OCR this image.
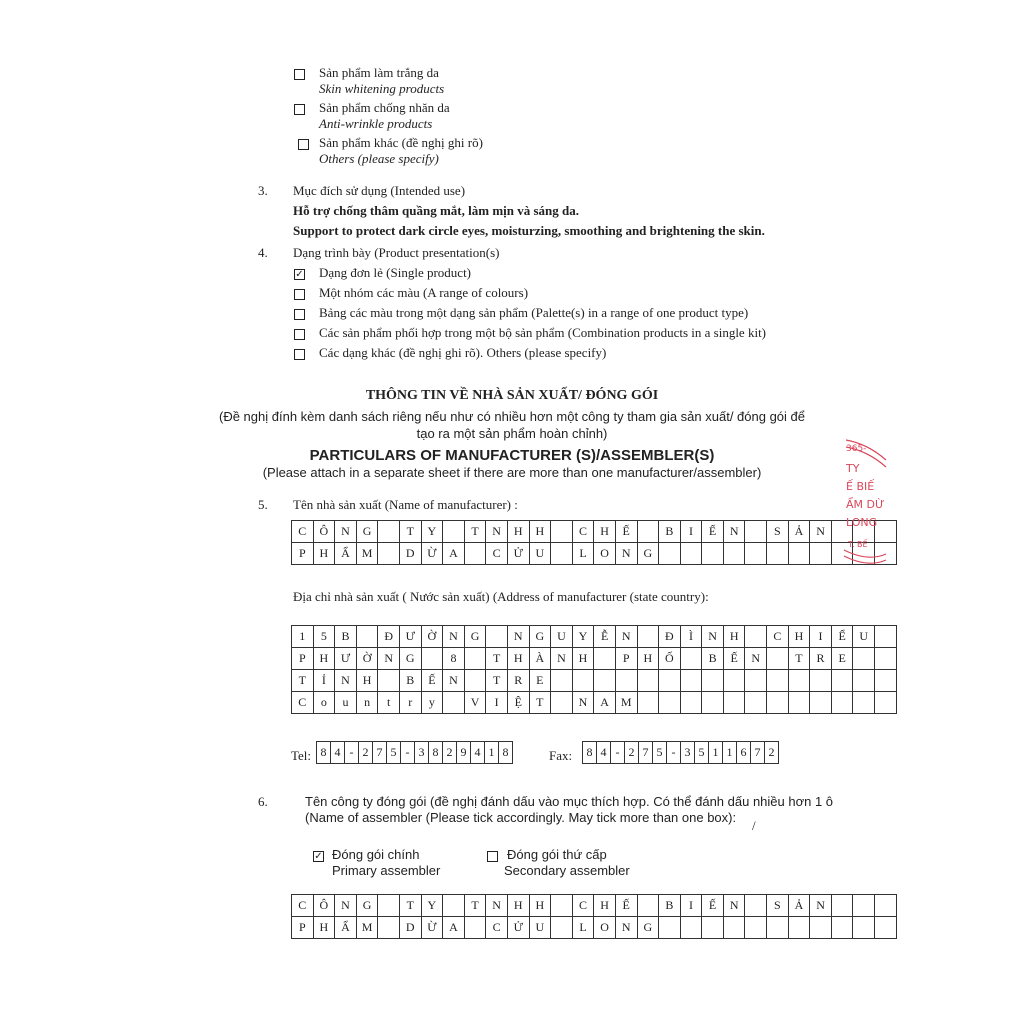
Sản phẩm làm trắng da
Skin whitening products
Sản phẩm chống nhăn da
Anti-wrinkle products
Sản phẩm khác (đề nghị ghi rõ)
Others (please specify)
3. Mục đích sử dụng (Intended use)
Hỗ trợ chống thâm quầng mắt, làm mịn và sáng da.
Support to protect dark circle eyes, moisturzing, smoothing and brightening the skin.
4. Dạng trình bày (Product presentation(s)
✓ Dạng đơn lẻ (Single product)
Một nhóm các màu (A range of colours)
Bảng các màu trong một dạng sản phẩm (Palette(s) in a range of one product type)
Các sản phẩm phối hợp trong một bộ sản phẩm (Combination products in a single kit)
Các dạng khác (đề nghị ghi rõ). Others (please specify)
THÔNG TIN VỀ NHÀ SẢN XUẤT/ ĐÓNG GÓI
(Đề nghị đính kèm danh sách riêng nếu như có nhiều hơn một công ty tham gia sản xuất/ đóng gói để
tạo ra một sản phẩm hoàn chỉnh)
PARTICULARS OF MANUFACTURER (S)/ASSEMBLER(S)
(Please attach in a separate sheet if there are more than one manufacturer/assembler)
5. Tên nhà sản xuất (Name of manufacturer) :
C	Ô	N	G		T	Y		T	N	H	H		C	H	Ế		B	I	Ế	N		S	Ả	N			
P	H	Ẩ	M		D	Ừ	A		C	Ử	U		L	O	N	G											
Địa chỉ nhà sản xuất ( Nước sản xuất) (Address of manufacturer (state country):
1	5	B		Đ	Ư	Ờ	N	G		N	G	U	Y	Ễ	N		Đ	Ì	N	H		C	H	I	Ể	U	
P	H	Ư	Ờ	N	G		8		T	H	À	N	H		P	H	Ố		B	Ế	N		T	R	E		
T	Ỉ	N	H		B	Ế	N		T	R	E																
C	o	u	n	t	r	y		V	I	Ệ	T		N	A	M												
Tel: 8	4	-	2	7	5	-	3	8	2	9	4	1	8	Fax: 8	4	-	2	7	5	-	3	5	1	1	6	7	2
6.	Tên công ty đóng gói (đề nghị đánh dấu vào mục thích hợp. Có thể đánh dấu nhiều hơn 1 ô
(Name of assembler (Please tick accordingly. May tick more than one box):
/
✓ Đóng gói chính
Primary assembler
Đóng gói thứ cấp
Secondary assembler
C	Ô	N	G		T	Y		T	N	H	H		C	H	Ế		B	I	Ế	N		S	Ả	N			
P	H	Ẩ	M		D	Ừ	A		C	Ử	U		L	O	N	G											
365-
TY
Ế BIẾ
ẨM DỪ
LONG
T. BẾ
